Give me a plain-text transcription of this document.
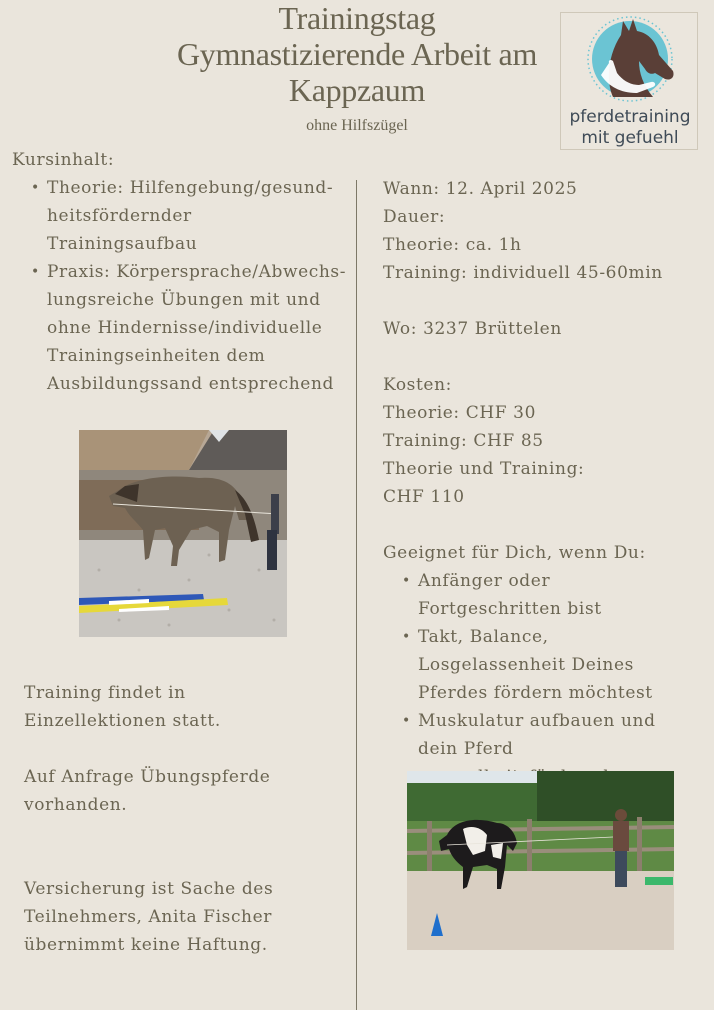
Trainingstag
Gymnastizierende Arbeit am
Kappzaum
ohne Hilfszügel	pferdetraining
mit gefuehl
Kursinhalt:
• Theorie: Hilfengebung/gesund-
heitsfördernder
Trainingsaufbau
• Praxis: Körpersprache/Abwechs-
lungsreiche Übungen mit und
ohne Hindernisse/individuelle
Trainingseinheiten dem
Ausbildungssand entsprechend
Wann: 12. April 2025
Dauer:
Theorie: ca. 1h
Training: individuell 45-60min
Wo: 3237 Brüttelen
Kosten:
Theorie: CHF 30
Training: CHF 85
Theorie und Training:
CHF 110
Geeignet für Dich, wenn Du:
• Anfänger oder
Fortgeschritten bist
• Takt, Balance,
Losgelassenheit Deines
Pferdes fördern möchtest
• Muskulatur aufbauen und
dein Pferd
Training findet in
Einzellektionen statt.
Auf Anfrage Übungspferde
vorhanden.
Versicherung ist Sache des
Teilnehmers, Anita Fischer
übernimmt keine Haftung.
